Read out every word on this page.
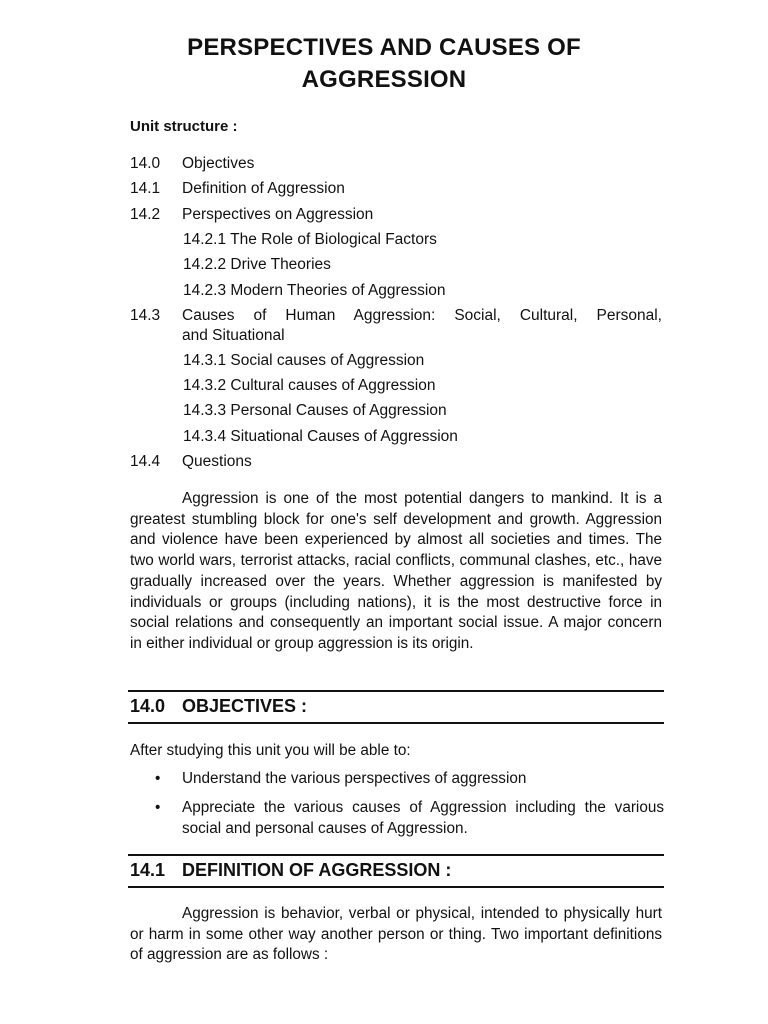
PERSPECTIVES AND CAUSES OF
AGGRESSION
Unit structure :
14.0 Objectives
14.1 Definition of Aggression
14.2 Perspectives on Aggression
14.2.1 The Role of Biological Factors
14.2.2 Drive Theories
14.2.3 Modern Theories of Aggression
14.3 Causes of Human Aggression: Social, Cultural, Personal,
and Situational
14.3.1 Social causes of Aggression
14.3.2 Cultural causes of Aggression
14.3.3 Personal Causes of Aggression
14.3.4 Situational Causes of Aggression
14.4 Questions
Aggression is one of the most potential dangers to mankind. It is a greatest stumbling block for one's self development and growth. Aggression and violence have been experienced by almost all societies and times. The two world wars, terrorist attacks, racial conflicts, communal clashes, etc., have gradually increased over the years. Whether aggression is manifested by individuals or groups (including nations), it is the most destructive force in social relations and consequently an important social issue. A major concern in either individual or group aggression is its origin.
14.0 OBJECTIVES :
After studying this unit you will be able to:
• Understand the various perspectives of aggression
• Appreciate the various causes of Aggression including the various social and personal causes of Aggression.
14.1 DEFINITION OF AGGRESSION :
Aggression is behavior, verbal or physical, intended to physically hurt or harm in some other way another person or thing. Two important definitions of aggression are as follows :
